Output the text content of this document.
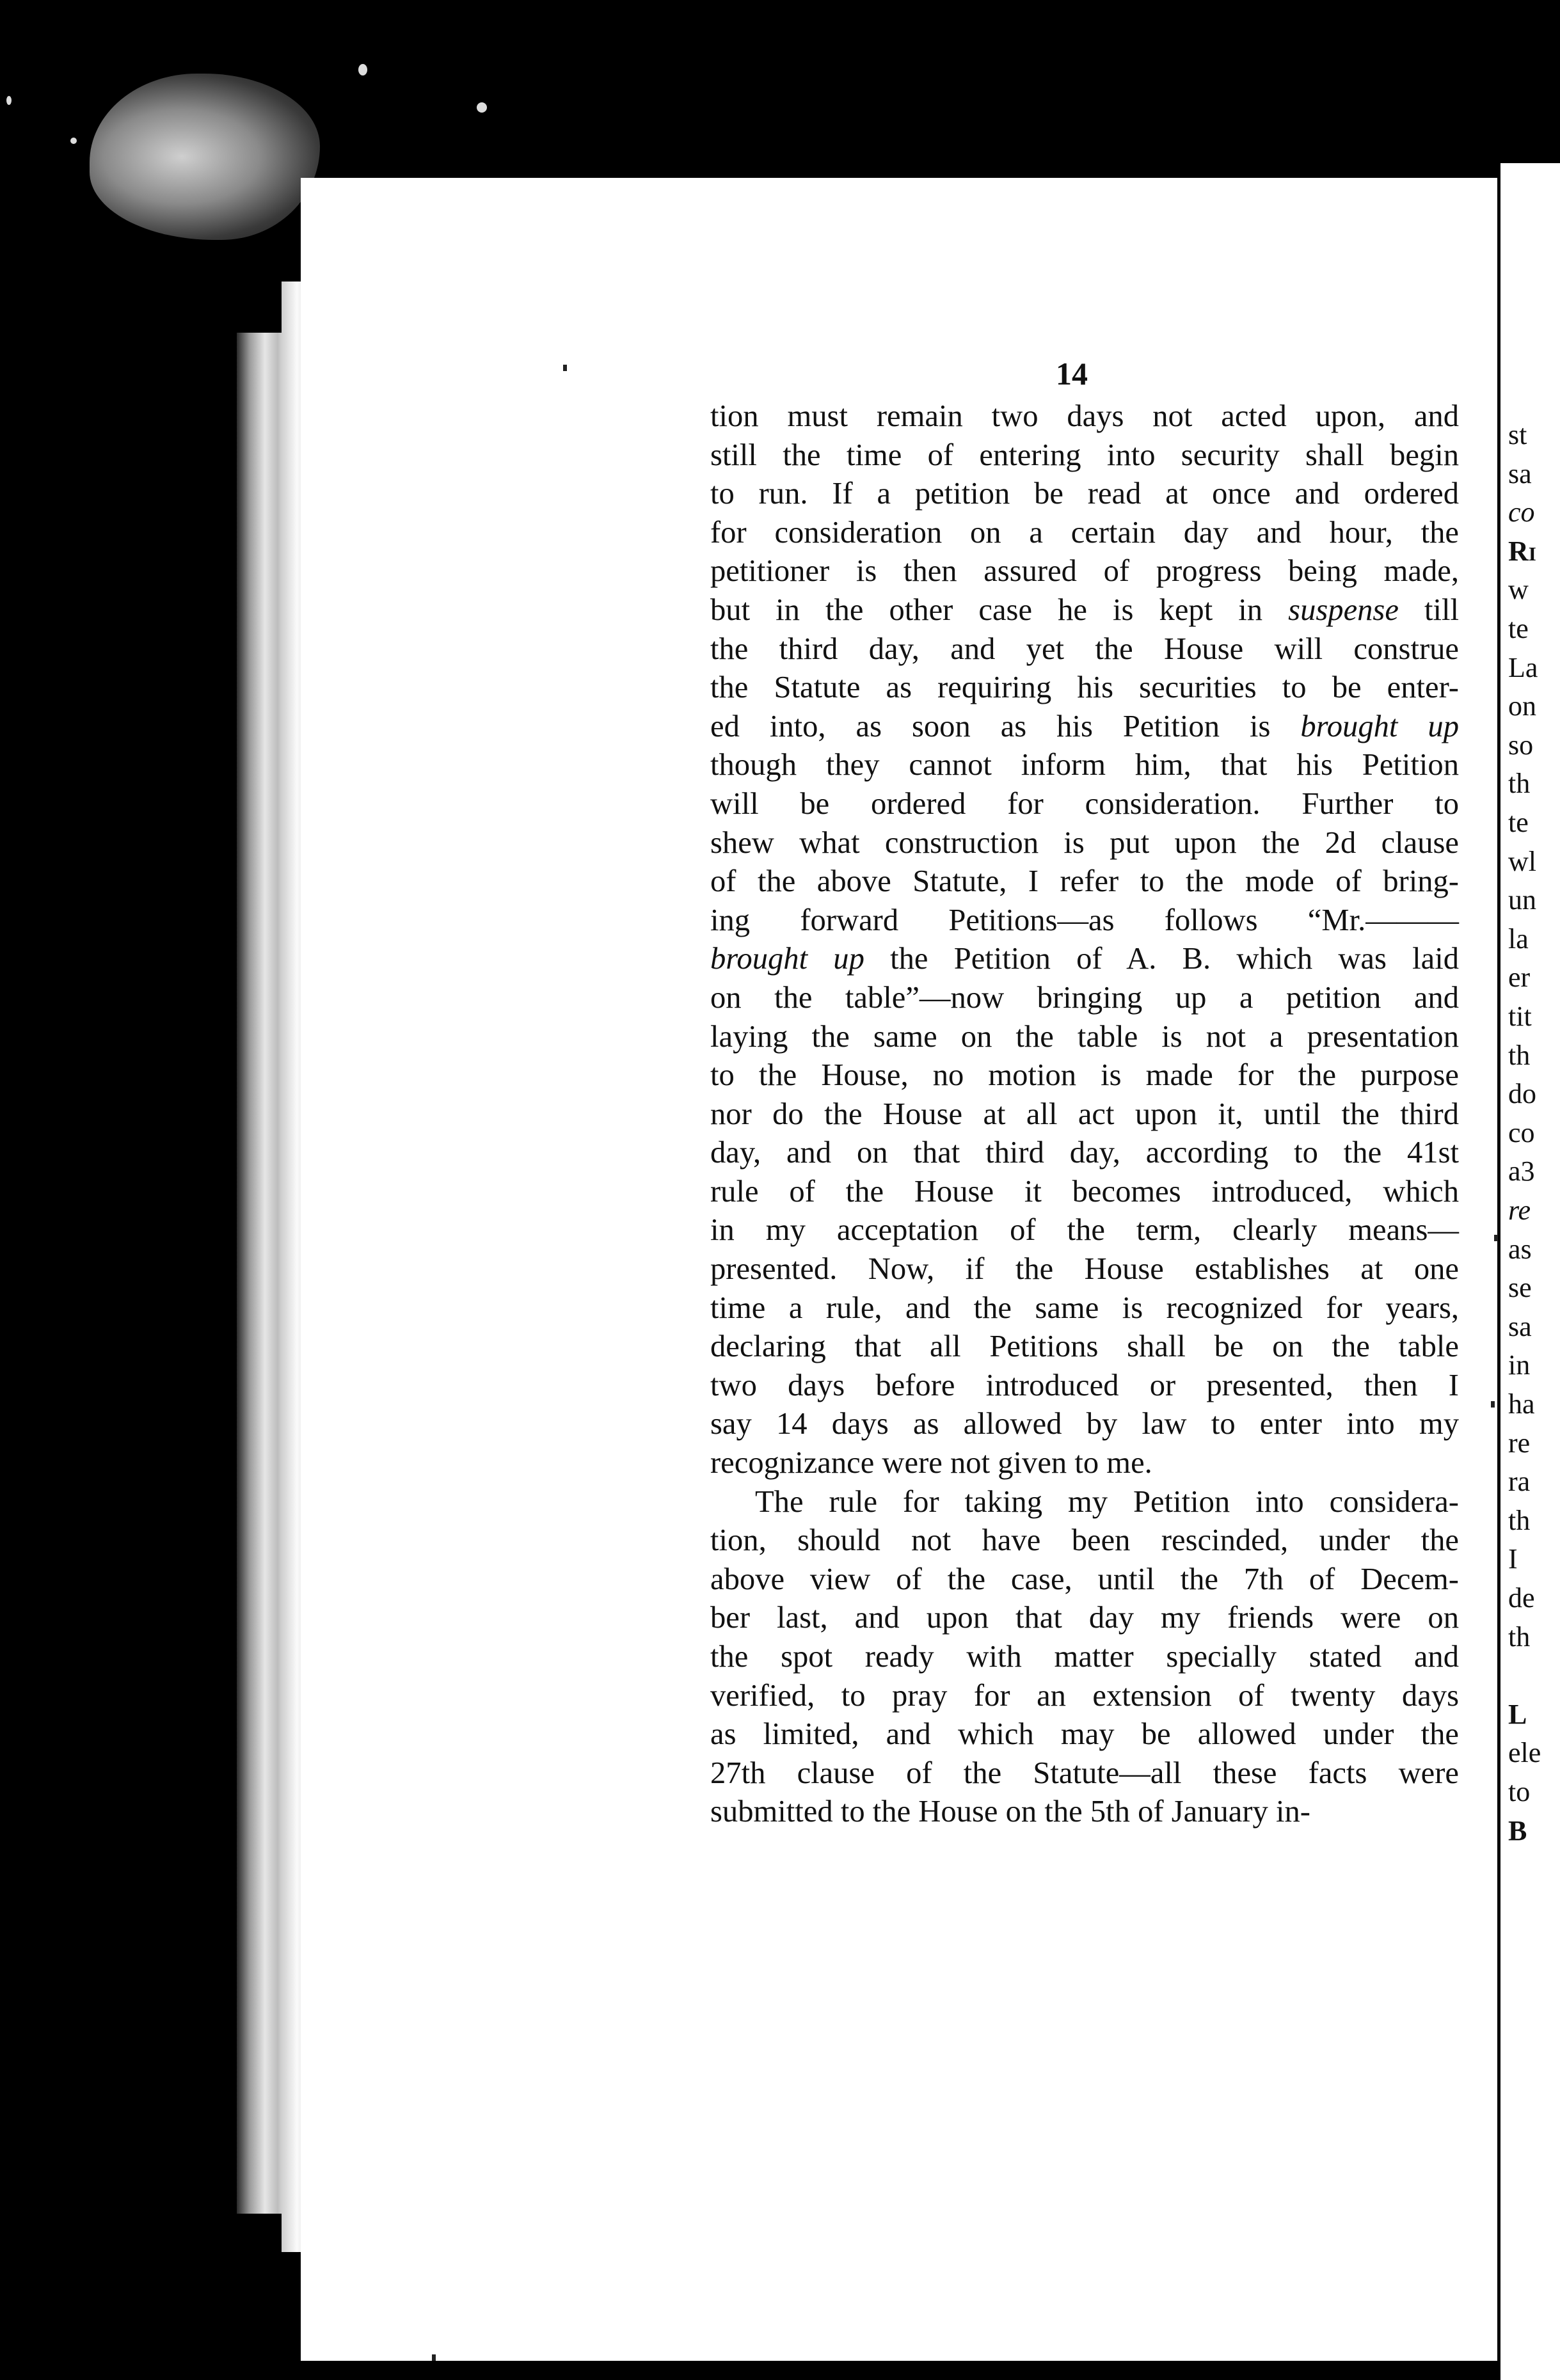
st
sa
co
Ri
w
te
La
on
so
th
te
wl
un
la
er
tit
th
do
co
a3
re
as
se
sa
in
ha
re
ra
th
I
de
th
L
ele
to
B
14
tion must remain two days not acted upon, and
still the time of entering into security shall begin
to run. If a petition be read at once and ordered
for consideration on a certain day and hour, the
petitioner is then assured of progress being made,
but in the other case he is kept in suspense till
the third day, and yet the House will construe
the Statute as requiring his securities to be enter-
ed into, as soon as his Petition is brought up
though they cannot inform him, that his Petition
will be ordered for consideration. Further to
shew what construction is put upon the 2d clause
of the above Statute, I refer to the mode of bring-
ing forward Petitions—as follows “Mr.———
brought up the Petition of A. B. which was laid
on the table”—now bringing up a petition and
laying the same on the table is not a presentation
to the House, no motion is made for the purpose
nor do the House at all act upon it, until the third
day, and on that third day, according to the 41st
rule of the House it becomes introduced, which
in my acceptation of the term, clearly means—
presented. Now, if the House establishes at one
time a rule, and the same is recognized for years,
declaring that all Petitions shall be on the table
two days before introduced or presented, then I
say 14 days as allowed by law to enter into my
recognizance were not given to me.
The rule for taking my Petition into considera-
tion, should not have been rescinded, under the
above view of the case, until the 7th of Decem-
ber last, and upon that day my friends were on
the spot ready with matter specially stated and
verified, to pray for an extension of twenty days
as limited, and which may be allowed under the
27th clause of the Statute—all these facts were
submitted to the House on the 5th of January in-
